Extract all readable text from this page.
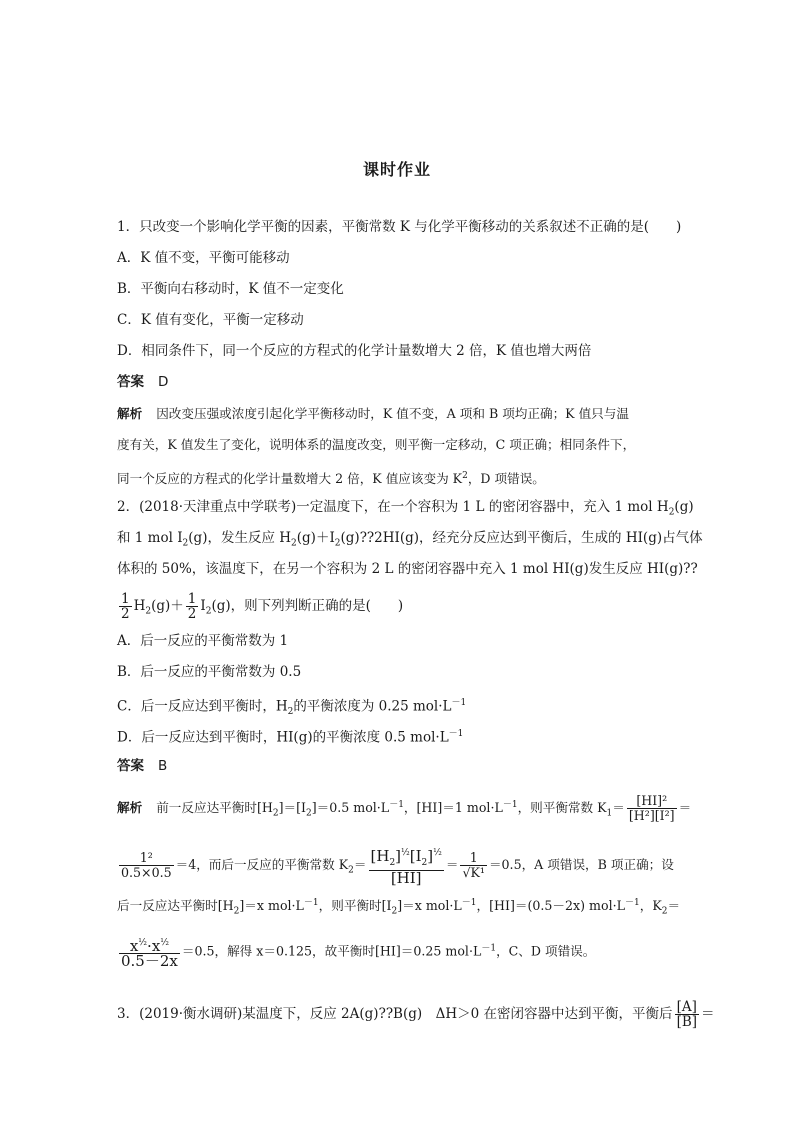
课时作业
1．只改变一个影响化学平衡的因素，平衡常数 K 与化学平衡移动的关系叙述不正确的是(　　)
A．K 值不变，平衡可能移动
B．平衡向右移动时，K 值不一定变化
C．K 值有变化，平衡一定移动
D．相同条件下，同一个反应的方程式的化学计量数增大 2 倍，K 值也增大两倍
答案 D
解析 因改变压强或浓度引起化学平衡移动时，K 值不变，A 项和 B 项均正确；K 值只与温
度有关，K 值发生了变化，说明体系的温度改变，则平衡一定移动，C 项正确；相同条件下，
同一个反应的方程式的化学计量数增大 2 倍，K 值应该变为 $K^2$，D 项错误。
2．(2018·天津重点中学联考)一定温度下，在一个容积为 1 L 的密闭容器中，充入 1 mol $H_2(g)$
和 1 mol $I_2(g)$，发生反应 $H_2(g)+I_2(g)??2HI(g)$，经充分反应达到平衡后，生成的 HI(g)占气体
体积的 50%，该温度下，在另一个容积为 2 L 的密闭容器中充入 1 mol HI(g)发生反应 HI(g)??
$\frac{1}{2} H_2(g)+ \frac{1}{2} I_2(g)$，则下列判断正确的是(　　)
A．后一反应的平衡常数为 1
B．后一反应的平衡常数为 0.5
C．后一反应达到平衡时，$H_2$的平衡浓度为 0.25 $mol\cdot L^{-1}$
D．后一反应达到平衡时，HI(g)的平衡浓度 0.5 $mol\cdot L^{-1}$
答案 B
解析 前一反应达平衡时$[H_2]=[I_2]=0.5$ $mol\cdot L^{-1}$，[HI]＝1 $mol\cdot L^{-1}$，则平衡常数 $K_1= \frac{\text{[HI]²}}{\text{[H²][I²]}}$ ＝
$\frac{\text{1²}}{0.5\times 0.5} =4$，而后一反应的平衡常数 $K_2= \frac{[H_2]^{\frac{1}{2}}[I_2]^{\frac{1}{2}}}{[HI]} = \frac{1}{\text{√K¹}} =0.5$，A 项错误，B 项正确；设
后一反应达平衡时$[H_2]=x$ $mol\cdot L^{-1}$，则平衡时$[I_2]=x$ $mol\cdot L^{-1}$，[HI]＝(0.5－2x) $mol\cdot L^{-1}$，$K_2=$
$\frac{x^{\frac{1}{2}}\cdot x^{\frac{1}{2}}}{0.5-2x} =0.5$，解得 x＝0.125，故平衡时[HI]＝0.25 $mol\cdot L^{-1}$，C、D 项错误。
3．(2019·衡水调研)某温度下，反应 2A(g)??B(g)　ΔH＞0 在密闭容器中达到平衡，平衡后 $\frac{[A]}{[B]}$ ＝
